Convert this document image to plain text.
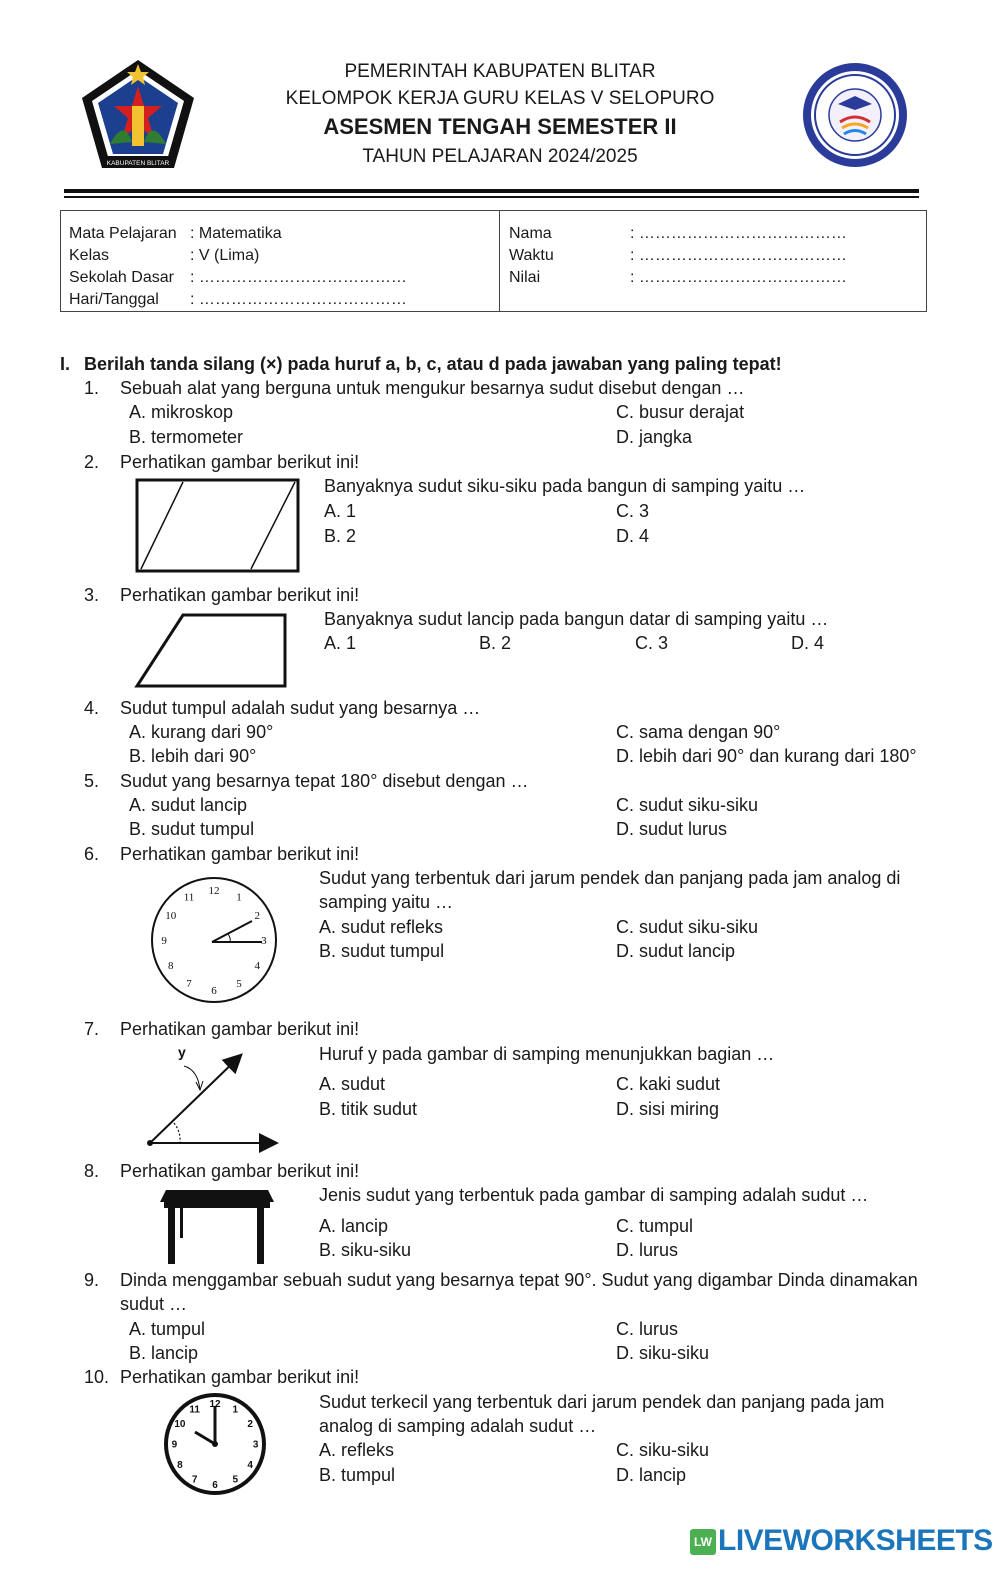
KABUPATEN BLITAR
PEMERINTAH KABUPATEN BLITAR
KELOMPOK KERJA GURU KELAS V SELOPURO
ASESMEN TENGAH SEMESTER II
TAHUN PELAJARAN 2024/2025
Mata Pelajaran : Matematika
Kelas	: V (Lima)
Sekolah Dasar : …………………………………
Hari/Tanggal : …………………………………
Nama	: …………………………………
Waktu	: …………………………………
Nilai	: …………………………………
I. Berilah tanda silang (×) pada huruf a, b, c, atau d pada jawaban yang paling tepat!
1. Sebuah alat yang berguna untuk mengukur besarnya sudut disebut dengan …
A. mikroskop
B. termometer
C. busur derajat
D. jangka
2. Perhatikan gambar berikut ini!
Banyaknya sudut siku-siku pada bangun di samping yaitu …
A. 1
B. 2
C. 3
D. 4
3. Perhatikan gambar berikut ini!
Banyaknya sudut lancip pada bangun datar di samping yaitu …
A. 1	B. 2	C. 3	D. 4
4. Sudut tumpul adalah sudut yang besarnya …
A. kurang dari 90°
B. lebih dari 90°
C. sama dengan 90°
D. lebih dari 90° dan kurang dari 180°
5. Sudut yang besarnya tepat 180° disebut dengan …
A. sudut lancip
B. sudut tumpul
C. sudut siku-siku
D. sudut lurus
6. Perhatikan gambar berikut ini!
12
1
2
3
4
5
6
7
8
9
10
11
Sudut yang terbentuk dari jarum pendek dan panjang pada jam analog di
samping yaitu …
A. sudut refleks
B. sudut tumpul
C. sudut siku-siku
D. sudut lancip
7. Perhatikan gambar berikut ini!
y	Huruf y pada gambar di samping menunjukkan bagian …
A. sudut
B. titik sudut
C. kaki sudut
D. sisi miring
8. Perhatikan gambar berikut ini!
Jenis sudut yang terbentuk pada gambar di samping adalah sudut …
A. lancip
B. siku-siku
C. tumpul
D. lurus
9. Dinda menggambar sebuah sudut yang besarnya tepat 90°. Sudut yang digambar Dinda dinamakan
sudut …
A. tumpul
B. lancip
C. lurus
D. siku-siku
10. Perhatikan gambar berikut ini!
12 1
2
3
4
5
6
7
8
9
10
11	Sudut terkecil yang terbentuk dari jarum pendek dan panjang pada jam
analog di samping adalah sudut …
A. refleks
B. tumpul
C. siku-siku
D. lancip
LW LIVEWORKSHEETS
